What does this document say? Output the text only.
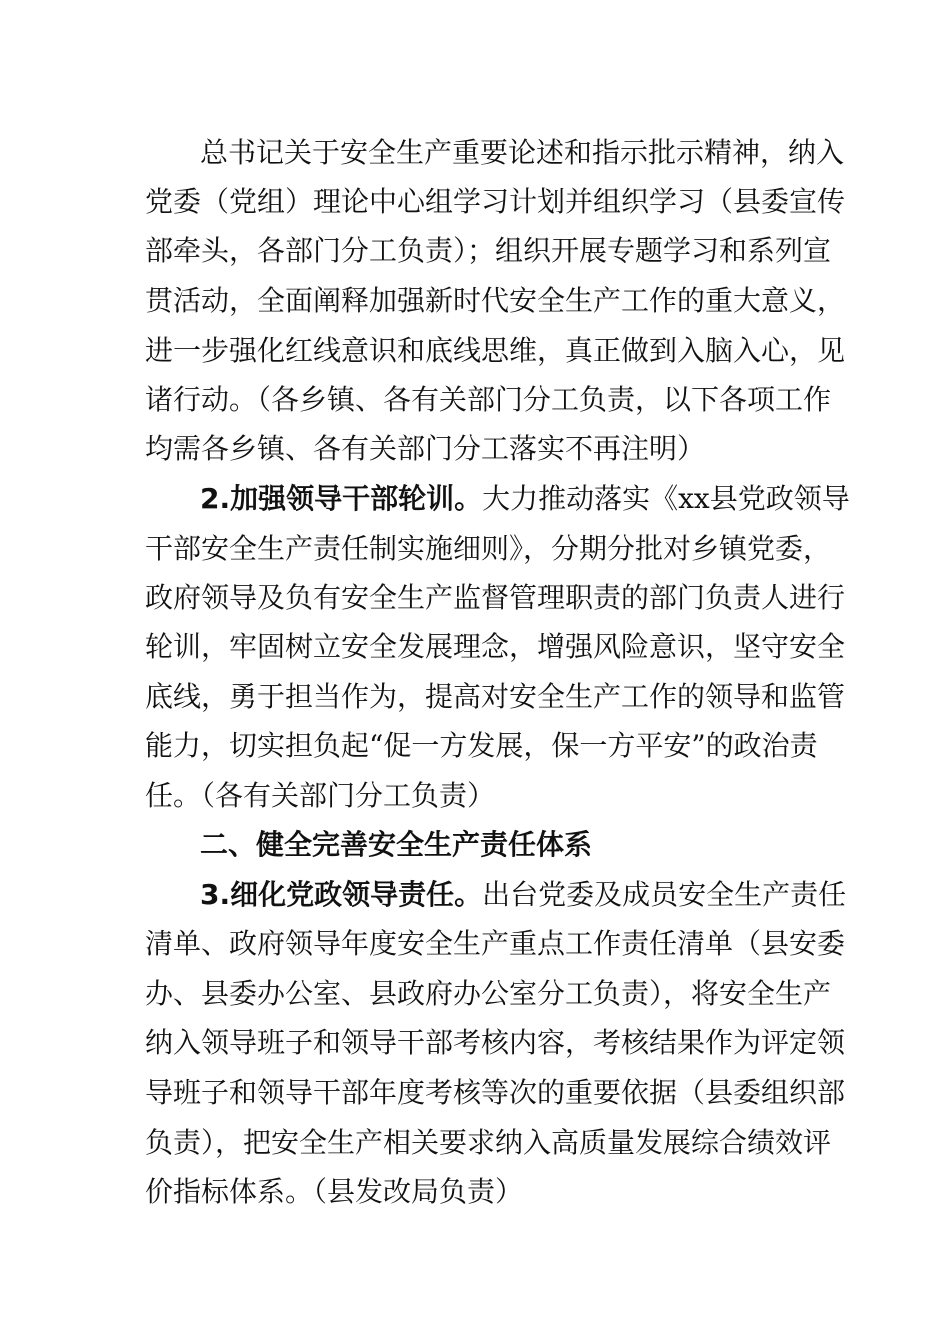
总书记关于安全生产重要论述和指示批示精神，纳入
党委（党组）理论中心组学习计划并组织学习（县委宣传
部牵头，各部门分工负责）；组织开展专题学习和系列宣
贯活动，全面阐释加强新时代安全生产工作的重大意义，
进一步强化红线意识和底线思维，真正做到入脑入心，见
诸行动。（各乡镇、各有关部门分工负责，以下各项工作
均需各乡镇、各有关部门分工落实不再注明）
2.加强领导干部轮训。大力推动落实《xx县党政领导
干部安全生产责任制实施细则》，分期分批对乡镇党委，
政府领导及负有安全生产监督管理职责的部门负责人进行
轮训，牢固树立安全发展理念，增强风险意识，坚守安全
底线，勇于担当作为，提高对安全生产工作的领导和监管
能力，切实担负起“促一方发展，保一方平安”的政治责
任。（各有关部门分工负责）
二、健全完善安全生产责任体系
3.细化党政领导责任。出台党委及成员安全生产责任
清单、政府领导年度安全生产重点工作责任清单（县安委
办、县委办公室、县政府办公室分工负责），将安全生产
纳入领导班子和领导干部考核内容，考核结果作为评定领
导班子和领导干部年度考核等次的重要依据（县委组织部
负责），把安全生产相关要求纳入高质量发展综合绩效评
价指标体系。（县发改局负责）
